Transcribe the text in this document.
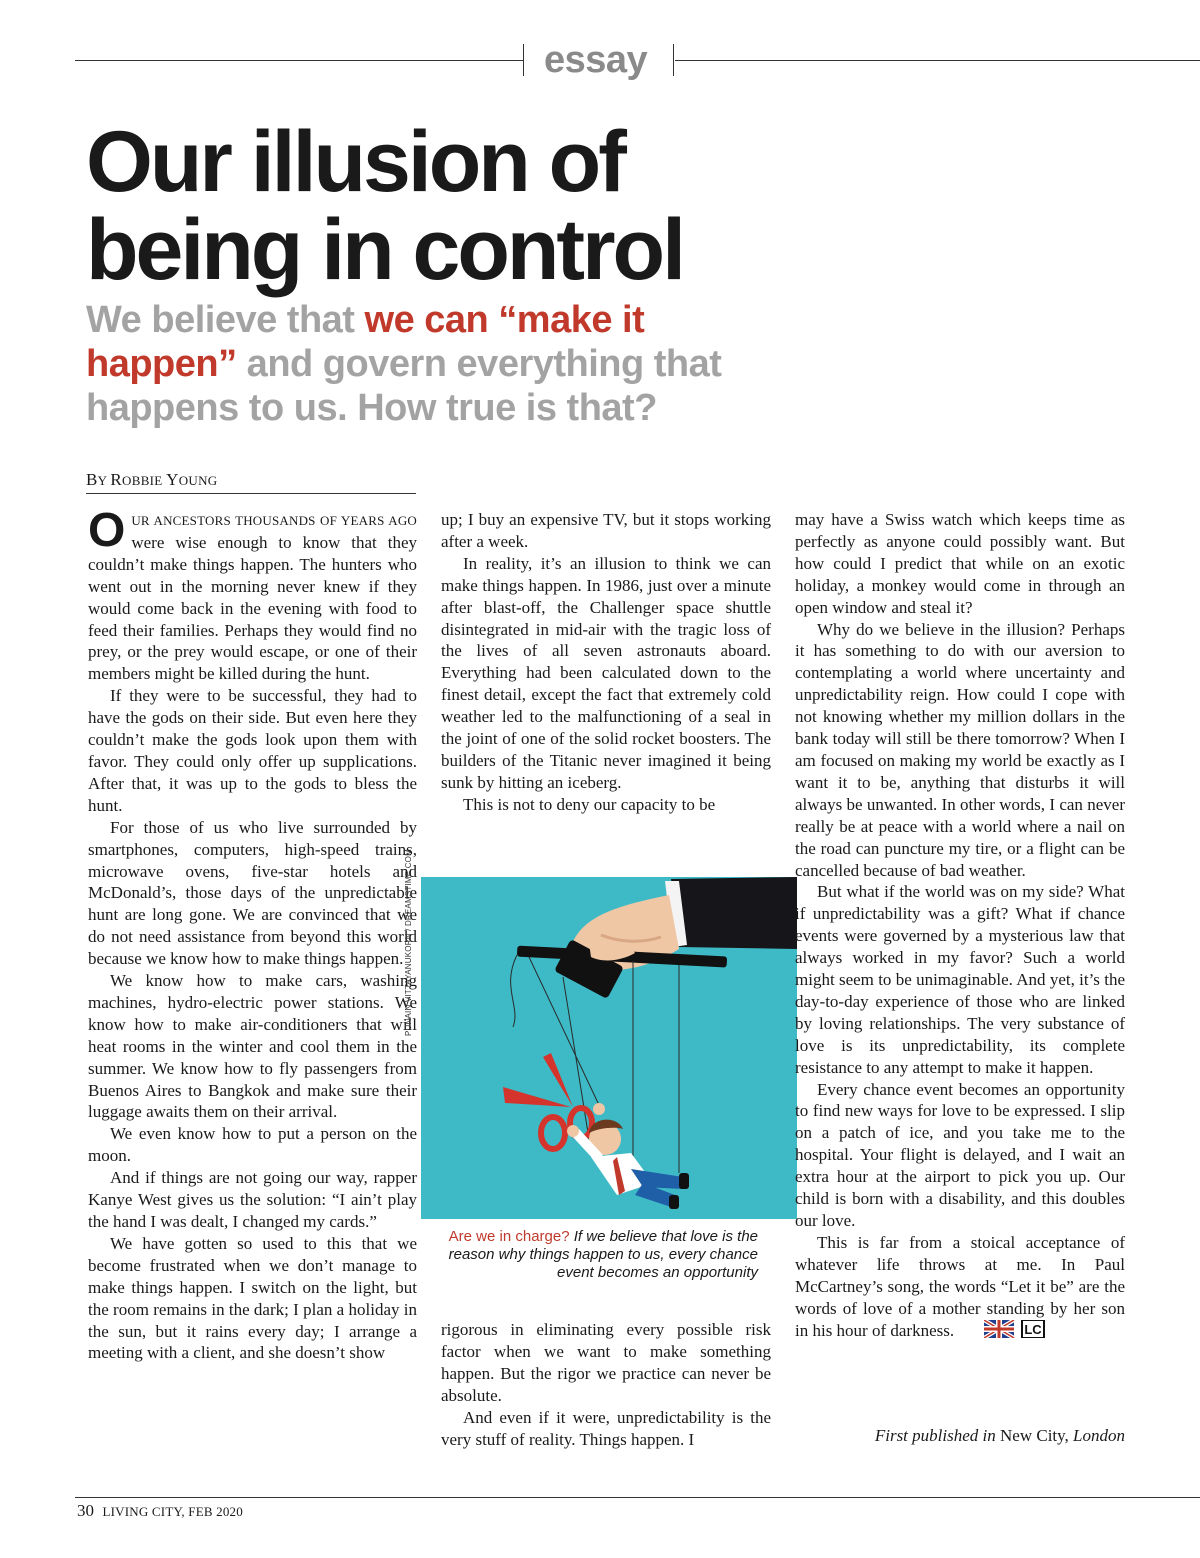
essay
Our illusion of
being in control

We believe that we can “make it happen” and govern everything that happens to us. How true is that?

BY ROBBIE YOUNG

OUR ANCESTORS THOUSANDS OF YEARS AGO were wise enough to know that they couldn’t make things happen. The hunters who went out in the morning never knew if they would come back in the evening with food to feed their families. Perhaps they would find no prey, or the prey would escape, or one of their members might be killed during the hunt.

If they were to be successful, they had to have the gods on their side. But even here they couldn’t make the gods look upon them with favor. They could only offer up supplications. After that, it was up to the gods to bless the hunt.

For those of us who live surrounded by smartphones, computers, high-speed trains, microwave ovens, five-star hotels and McDonald’s, those days of the unpredictable hunt are long gone. We are convinced that we do not need assistance from beyond this world because we know how to make things happen.

We know how to make cars, washing machines, hydro-electric power stations. We know how to make air-conditioners that will heat rooms in the winter and cool them in the summer. We know how to fly passengers from Buenos Aires to Bangkok and make sure their luggage awaits them on their arrival.

We even know how to put a person on the moon.

And if things are not going our way, rapper Kanye West gives us the solution: “I ain’t play the hand I was dealt, I changed my cards.”

We have gotten so used to this that we become frustrated when we don’t manage to make things happen. I switch on the light, but the room remains in the dark; I plan a holiday in the sun, but it rains every day; I arrange a meeting with a client, and she doesn’t show

up; I buy an expensive TV, but it stops working after a week.

In reality, it’s an illusion to think we can make things happen. In 1986, just over a minute after blast-off, the Challenger space shuttle disintegrated in mid-air with the tragic loss of the lives of all seven astronauts aboard. Everything had been calculated down to the finest detail, except the fact that extremely cold weather led to the malfunctioning of a seal in the joint of one of the solid rocket boosters. The builders of the Titanic never imagined it being sunk by hitting an iceberg.

This is not to deny our capacity to be

PUNAIN VITTAYANUKORN / DREAMSTIME.COM
Are we in charge? If we believe that love is the reason why things happen to us, every chance event becomes an opportunity

rigorous in eliminating every possible risk factor when we want to make something happen. But the rigor we practice can never be absolute.

And even if it were, unpredictability is the very stuff of reality. Things happen. I

may have a Swiss watch which keeps time as perfectly as anyone could possibly want. But how could I predict that while on an exotic holiday, a monkey would come in through an open window and steal it?

Why do we believe in the illusion? Perhaps it has something to do with our aversion to contemplating a world where uncertainty and unpredictability reign. How could I cope with not knowing whether my million dollars in the bank today will still be there tomorrow? When I am focused on making my world be exactly as I want it to be, anything that disturbs it will always be unwanted. In other words, I can never really be at peace with a world where a nail on the road can puncture my tire, or a flight can be cancelled because of bad weather.

But what if the world was on my side? What if unpredictability was a gift? What if chance events were governed by a mysterious law that always worked in my favor? Such a world might seem to be unimaginable. And yet, it’s the day-to-day experience of those who are linked by loving relationships. The very substance of love is its unpredictability, its complete resistance to any attempt to make it happen.

Every chance event becomes an opportunity to find new ways for love to be expressed. I slip on a patch of ice, and you take me to the hospital. Your flight is delayed, and I wait an extra hour at the airport to pick you up. Our child is born with a disability, and this doubles our love.

This is far from a stoical acceptance of whatever life throws at me. In Paul McCartney’s song, the words “Let it be” are the words of love of a mother standing by her son in his hour of darkness.	LC

First published in New City, London
30 LIVING CITY, FEB 2020
